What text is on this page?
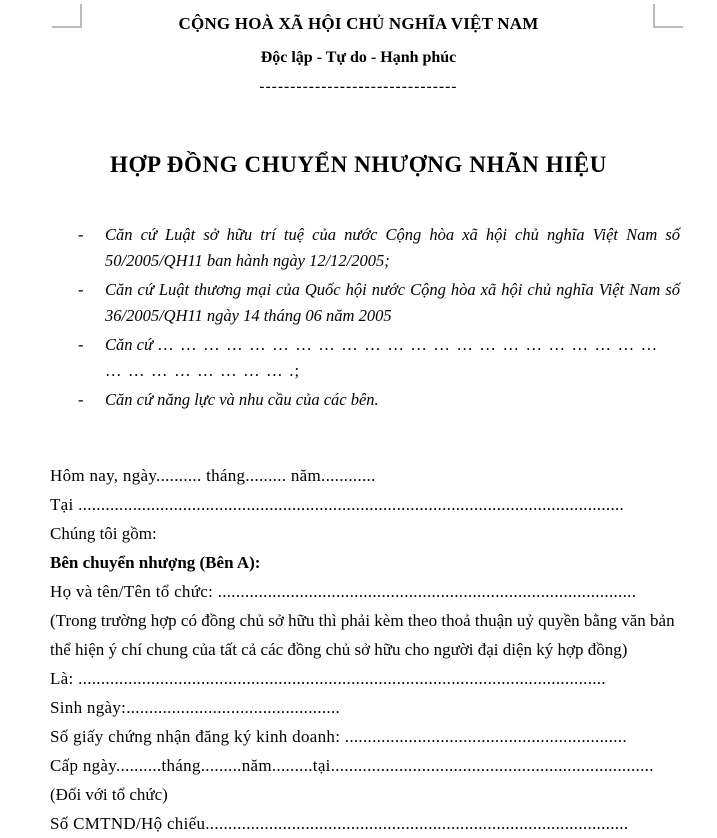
CỘNG HOÀ XÃ HỘI CHỦ NGHĨA VIỆT NAM
Độc lập - Tự do - Hạnh phúc
--------------------------------
HỢP ĐỒNG CHUYỂN NHƯỢNG NHÃN HIỆU
- Căn cứ Luật sở hữu trí tuệ của nước Cộng hòa xã hội chủ nghĩa Việt Nam số 50/2005/QH11 ban hành ngày 12/12/2005;
- Căn cứ Luật thương mại của Quốc hội nước Cộng hòa xã hội chủ nghĩa Việt Nam số 36/2005/QH11 ngày 14 tháng 06 năm 2005
- Căn cứ … … … … … … … … … … … … … … … … … … … … … … … … … … … … … … .;
- Căn cứ năng lực và nhu cầu của các bên.

Hôm nay, ngày.......... tháng......... năm............

Tại ........................................................................................................................

Chúng tôi gồm:

Bên chuyển nhượng (Bên A):

Họ và tên/Tên tổ chức: ............................................................................................

(Trong trường hợp có đồng chủ sở hữu thì phải kèm theo thoả thuận uỷ quyền bằng văn bản thể hiện ý chí chung của tất cả các đồng chủ sở hữu cho người đại diện ký hợp đồng)

Là: ....................................................................................................................

Sinh ngày:...............................................

Số giấy chứng nhận đăng ký kinh doanh: ..............................................................

Cấp ngày..........tháng.........năm.........tại.......................................................................

(Đối với tổ chức)

Số CMTND/Hộ chiếu.............................................................................................
